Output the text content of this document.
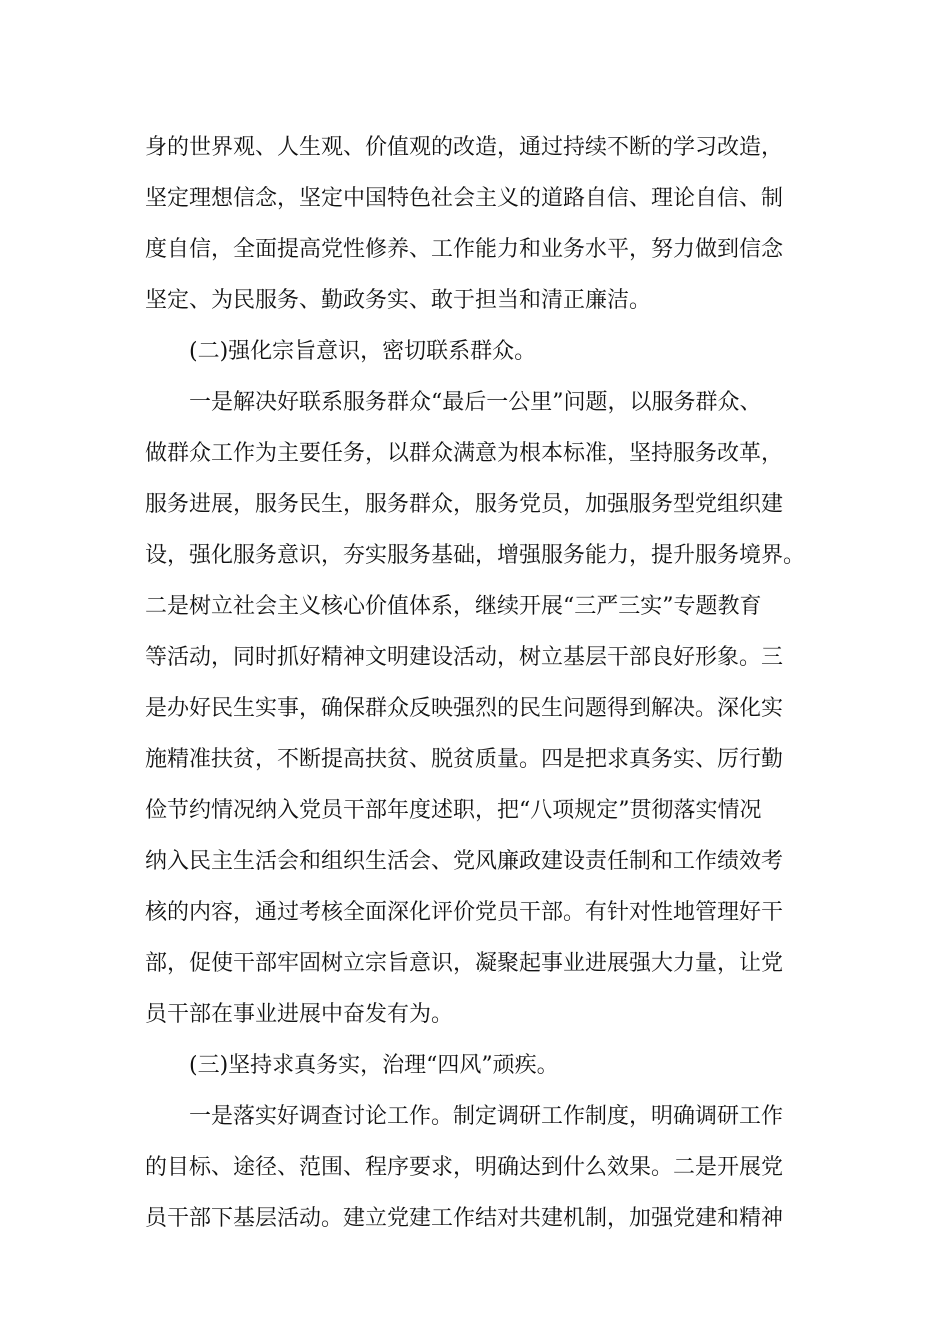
身的世界观、人生观、价值观的改造，通过持续不断的学习改造，
坚定理想信念，坚定中国特色社会主义的道路自信、理论自信、制
度自信，全面提高党性修养、工作能力和业务水平，努力做到信念
坚定、为民服务、勤政务实、敢于担当和清正廉洁。
(二)强化宗旨意识，密切联系群众。
一是解决好联系服务群众“最后一公里”问题，以服务群众、
做群众工作为主要任务，以群众满意为根本标准，坚持服务改革，
服务进展，服务民生，服务群众，服务党员，加强服务型党组织建
设，强化服务意识，夯实服务基础，增强服务能力，提升服务境界。
二是树立社会主义核心价值体系，继续开展“三严三实”专题教育
等活动，同时抓好精神文明建设活动，树立基层干部良好形象。三
是办好民生实事，确保群众反映强烈的民生问题得到解决。深化实
施精准扶贫，不断提高扶贫、脱贫质量。四是把求真务实、厉行勤
俭节约情况纳入党员干部年度述职，把“八项规定”贯彻落实情况
纳入民主生活会和组织生活会、党风廉政建设责任制和工作绩效考
核的内容，通过考核全面深化评价党员干部。有针对性地管理好干
部，促使干部牢固树立宗旨意识，凝聚起事业进展强大力量，让党
员干部在事业进展中奋发有为。
(三)坚持求真务实，治理“四风”顽疾。
一是落实好调查讨论工作。制定调研工作制度，明确调研工作
的目标、途径、范围、程序要求，明确达到什么效果。二是开展党
员干部下基层活动。建立党建工作结对共建机制，加强党建和精神
